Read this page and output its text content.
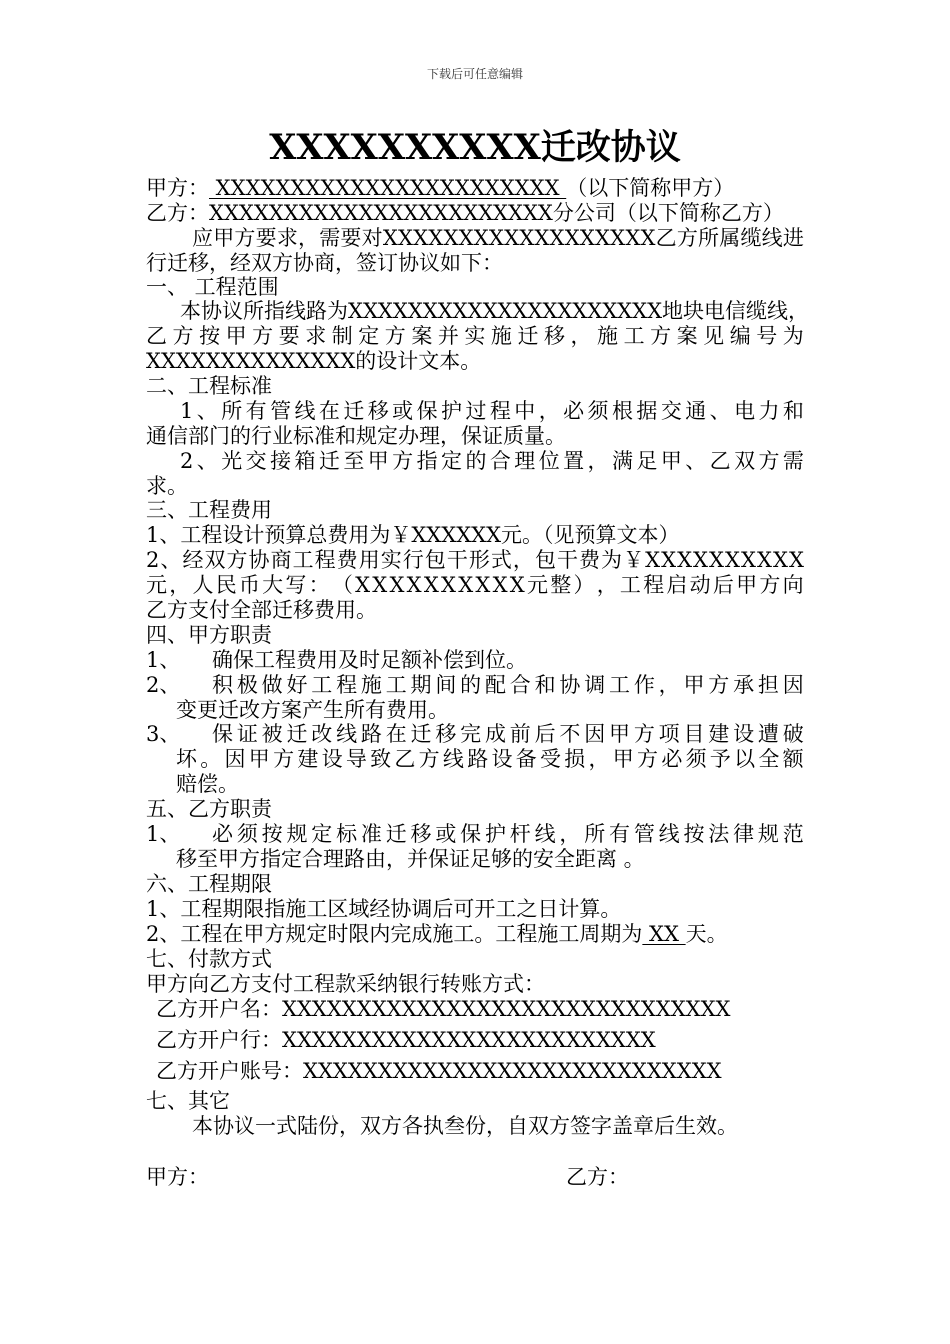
下载后可任意编辑
XXXXXXXXXX迁改协议
甲方： XXXXXXXXXXXXXXXXXXXXXXX （以下简称甲方）
乙方：XXXXXXXXXXXXXXXXXXXXXXX分公司（以下简称乙方）
应 甲 方 要 求 ， 需 要 对 X X X X X X X X X X X X X X X X X X 乙 方 所 属 缆 线 进
行迁移，经双方协商，签订协议如下：
一、 工程范围
本 协 议 所 指 线 路 为 X X X X X X X X X X X X X X X X X X X X X 地 块 电 信 缆 线 ，
乙 方 按 甲 方 要 求 制 定 方 案 并 实 施 迁 移 ， 施 工 方 案 见 编 号 为
XXXXXXXXXXXXXX的设计文本。
二、工程标准
1 、 所 有 管 线 在 迁 移 或 保 护 过 程 中 ， 必 须 根 据 交 通 、 电 力 和
通信部门的行业标准和规定办理，保证质量。
2 、 光 交 接 箱 迁 至 甲 方 指 定 的 合 理 位 置 ， 满 足 甲 、 乙 双 方 需
求。
三、工程费用
1、工程设计预算总费用为￥XXXXXX元。（见预算文本）
2 、 经 双 方 协 商 工 程 费 用 实 行 包 干 形 式 ， 包 干 费 为 ￥ X X X X X X X X X X
元 ， 人 民 币 大 写 ： （ X X X X X X X X X X 元 整 ） ， 工 程 启 动 后 甲 方 向
乙方支付全部迁移费用。
四、甲方职责
1、 确保工程费用及时足额补偿到位。
2、 积 极 做 好 工 程 施 工 期 间 的 配 合 和 协 调 工 作 ， 甲 方 承 担 因
变更迁改方案产生所有费用。
3、 保 证 被 迁 改 线 路 在 迁 移 完 成 前 后 不 因 甲 方 项 目 建 设 遭 破
坏 。 因 甲 方 建 设 导 致 乙 方 线 路 设 备 受 损 ， 甲 方 必 须 予 以 全 额
赔偿。
五、乙方职责
1、 必 须 按 规 定 标 准 迁 移 或 保 护 杆 线 ， 所 有 管 线 按 法 律 规 范
移至甲方指定合理路由，并保证足够的安全距离 。
六、工程期限
1、工程期限指施工区域经协调后可开工之日计算。
2、工程在甲方规定时限内完成施工。工程施工周期为 XX 天。
七、付款方式
甲方向乙方支付工程款采纳银行转账方式：
乙方开户名：XXXXXXXXXXXXXXXXXXXXXXXXXXXXXX
乙方开户行：XXXXXXXXXXXXXXXXXXXXXXXXX
乙方开户账号：XXXXXXXXXXXXXXXXXXXXXXXXXXXX
七、其它
本协议一式陆份，双方各执叁份，自双方签字盖章后生效。
甲方：	乙方：
